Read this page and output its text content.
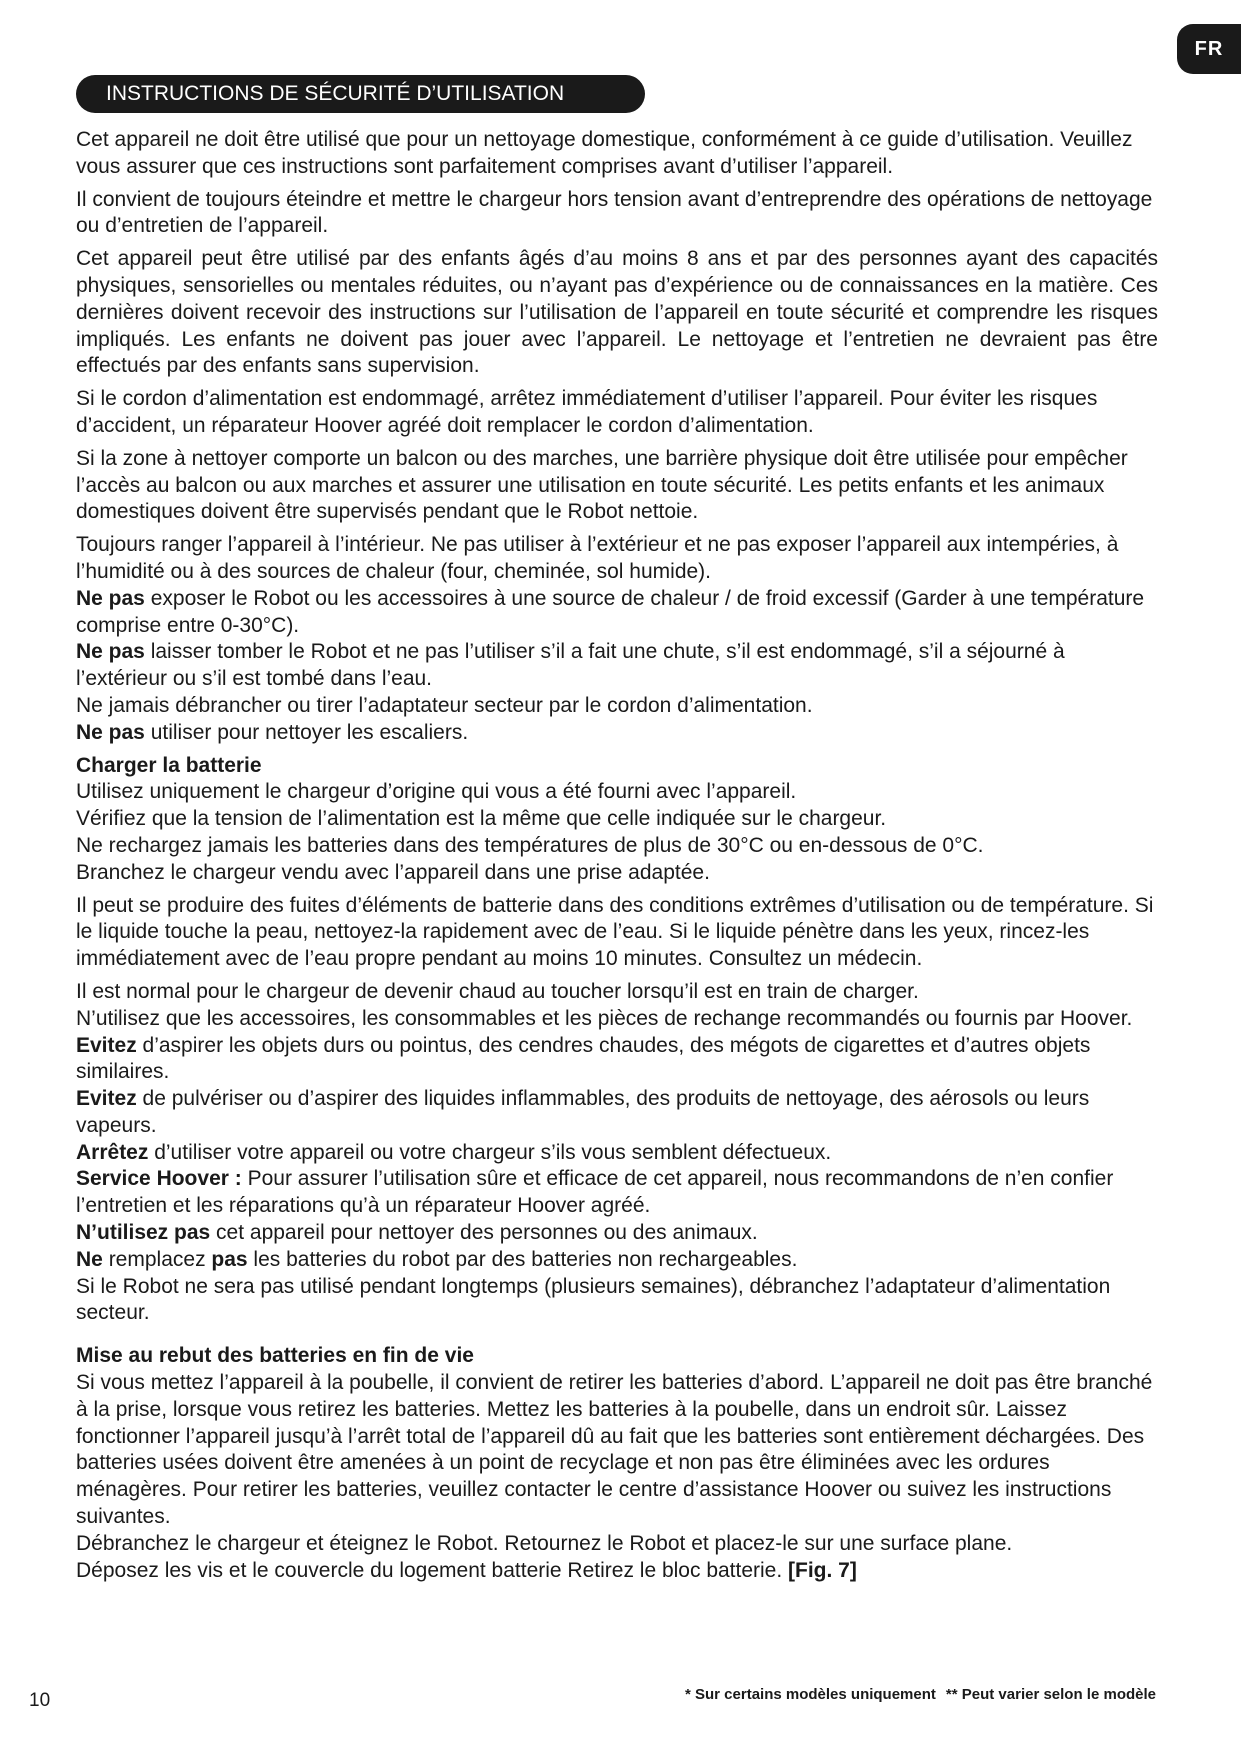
FR
INSTRUCTIONS DE SÉCURITÉ D’UTILISATION

Cet appareil ne doit être utilisé que pour un nettoyage domestique, conformément à ce guide d’utilisation. Veuillez vous assurer que ces instructions sont parfaitement comprises avant d’utiliser l’appareil.

Il convient de toujours éteindre et mettre le chargeur hors tension avant d’entreprendre des opérations de nettoyage ou d’entretien de l’appareil.

Cet appareil peut être utilisé par des enfants âgés d’au moins 8 ans et par des personnes ayant des capacités physiques, sensorielles ou mentales réduites, ou n’ayant pas d’expérience ou de connaissances en la matière. Ces dernières doivent recevoir des instructions sur l’utilisation de l’appareil en toute sécurité et comprendre les risques impliqués. Les enfants ne doivent pas jouer avec l’appareil. Le nettoyage et l’entretien ne devraient pas être effectués par des enfants sans supervision.

Si le cordon d’alimentation est endommagé, arrêtez immédiatement d’utiliser l’appareil. Pour éviter les risques d’accident, un réparateur Hoover agréé doit remplacer le cordon d’alimentation.

Si la zone à nettoyer comporte un balcon ou des marches, une barrière physique doit être utilisée pour empêcher l’accès au balcon ou aux marches et assurer une utilisation en toute sécurité. Les petits enfants et les animaux domestiques doivent être supervisés pendant que le Robot nettoie.

Toujours ranger l’appareil à l’intérieur. Ne pas utiliser à l’extérieur et ne pas exposer l’appareil aux intempéries, à l’humidité ou à des sources de chaleur (four, cheminée, sol humide).

Ne pas exposer le Robot ou les accessoires à une source de chaleur / de froid excessif (Garder à une température comprise entre 0-30°C).

Ne pas laisser tomber le Robot et ne pas l’utiliser s’il a fait une chute, s’il est endommagé, s’il a séjourné à l’extérieur ou s’il est tombé dans l’eau.

Ne jamais débrancher ou tirer l’adaptateur secteur par le cordon d’alimentation.

Ne pas utiliser pour nettoyer les escaliers.

Charger la batterie
Utilisez uniquement le chargeur d’origine qui vous a été fourni avec l’appareil.
Vérifiez que la tension de l’alimentation est la même que celle indiquée sur le chargeur.
Ne rechargez jamais les batteries dans des températures de plus de 30°C ou en-dessous de 0°C.
Branchez le chargeur vendu avec l’appareil dans une prise adaptée.

Il peut se produire des fuites d’éléments de batterie dans des conditions extrêmes d’utilisation ou de température. Si le liquide touche la peau, nettoyez-la rapidement avec de l’eau. Si le liquide pénètre dans les yeux, rincez-les immédiatement avec de l’eau propre pendant au moins 10 minutes. Consultez un médecin.

Il est normal pour le chargeur de devenir chaud au toucher lorsqu’il est en train de charger.

N’utilisez que les accessoires, les consommables et les pièces de rechange recommandés ou fournis par Hoover.

Evitez d’aspirer les objets durs ou pointus, des cendres chaudes, des mégots de cigarettes et d’autres objets similaires.

Evitez de pulvériser ou d’aspirer des liquides inflammables, des produits de nettoyage, des aérosols ou leurs vapeurs.

Arrêtez d’utiliser votre appareil ou votre chargeur s’ils vous semblent défectueux.

Service Hoover : Pour assurer l’utilisation sûre et efficace de cet appareil, nous recommandons de n’en confier l’entretien et les réparations qu’à un réparateur Hoover agréé.

N’utilisez pas cet appareil pour nettoyer des personnes ou des animaux.

Ne remplacez pas les batteries du robot par des batteries non rechargeables.

Si le Robot ne sera pas utilisé pendant longtemps (plusieurs semaines), débranchez l’adaptateur d’alimentation secteur.

Mise au rebut des batteries en fin de vie
Si vous mettez l’appareil à la poubelle, il convient de retirer les batteries d’abord. L’appareil ne doit pas être branché à la prise, lorsque vous retirez les batteries. Mettez les batteries à la poubelle, dans un endroit sûr. Laissez fonctionner l’appareil jusqu’à l’arrêt total de l’appareil dû au fait que les batteries sont entièrement déchargées. Des batteries usées doivent être amenées à un point de recyclage et non pas être éliminées avec les ordures ménagères. Pour retirer les batteries, veuillez contacter le centre d’assistance Hoover ou suivez les instructions suivantes.
Débranchez le chargeur et éteignez le Robot. Retournez le Robot et placez-le sur une surface plane.
Déposez les vis et le couvercle du logement batterie Retirez le bloc batterie. [Fig. 7]
10	* Sur certains modèles uniquement ** Peut varier selon le modèle
